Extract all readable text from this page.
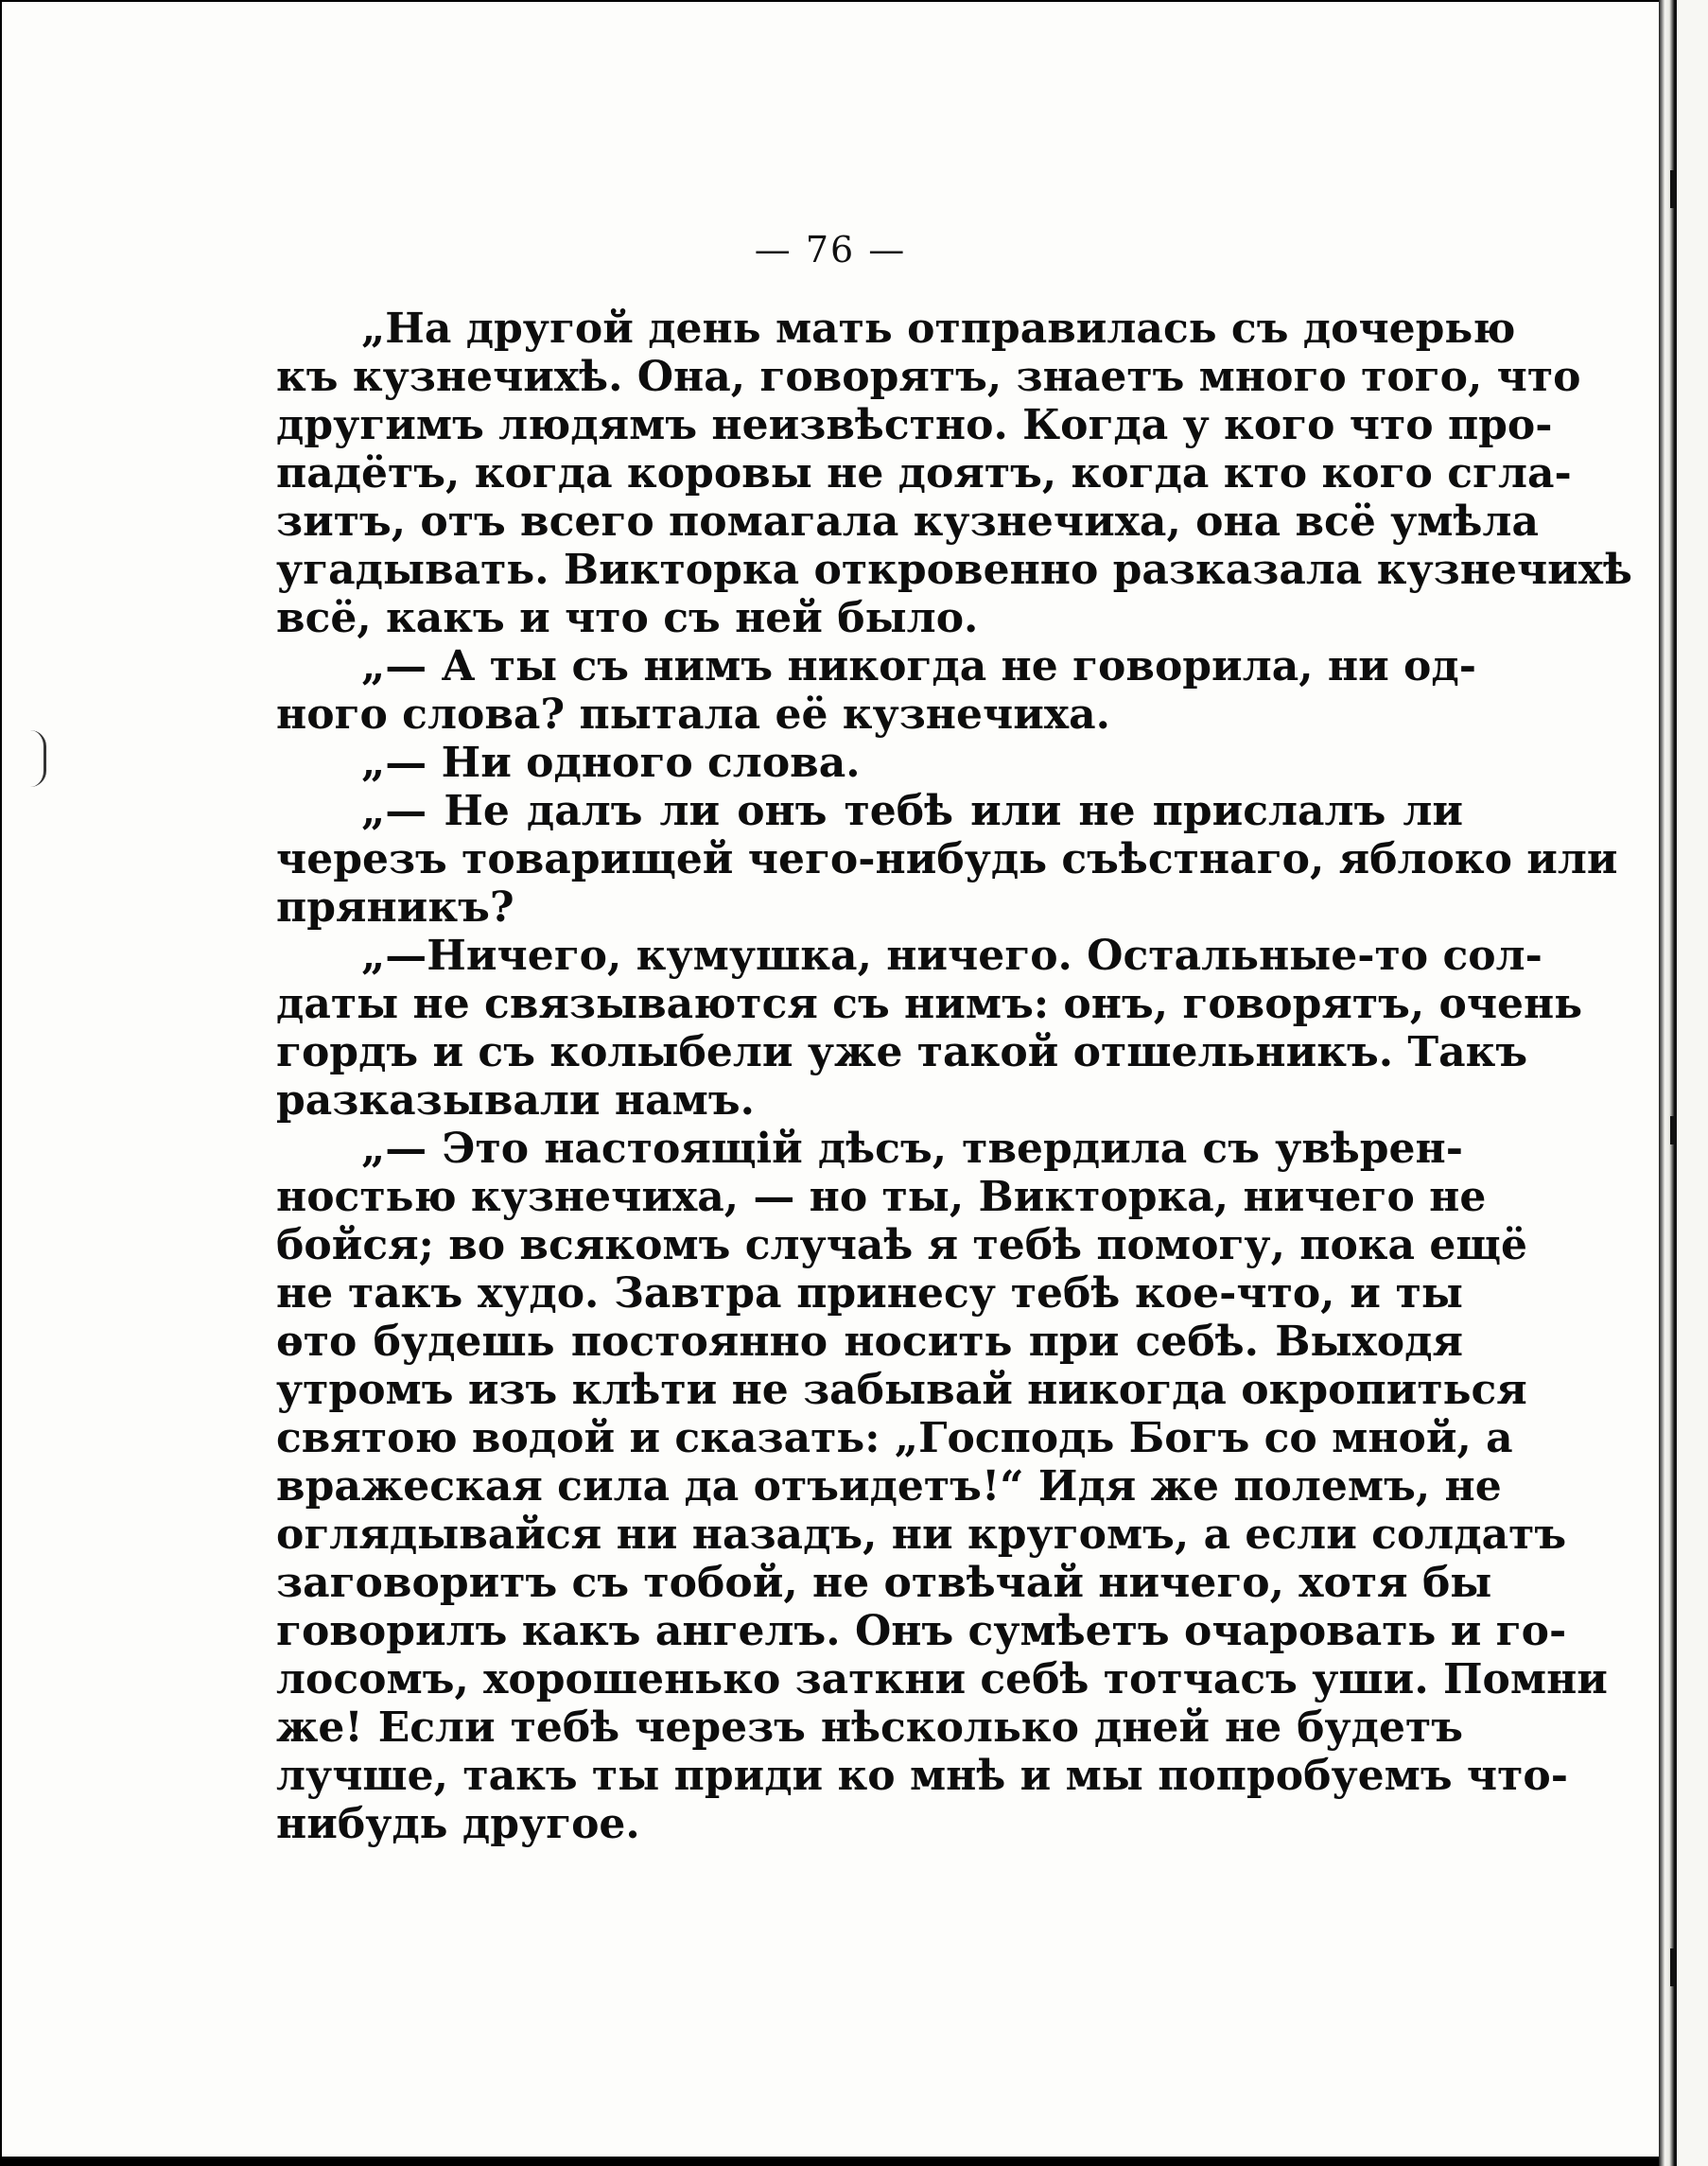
— 76 —
„На другой день мать отправилась съ дочерью
къ кузнечихѣ. Она, говорятъ, знаетъ много того, что
другимъ людямъ неизвѣстно. Когда у кого что про-
падётъ, когда коровы не доятъ, когда кто кого сгла-
зитъ, отъ всего помагала кузнечиха, она всё умѣла
угадывать. Викторка откровенно разказала кузнечихѣ
всё, какъ и что съ ней было.
„— А ты съ нимъ никогда не говорила, ни од-
ного слова? пытала её кузнечиха.
„— Ни одного слова.
„— Не далъ ли онъ тебѣ или не прислалъ ли
черезъ товарищей чего-нибудь съѣстнаго, яблоко или
пряникъ?
„—Ничего, кумушка, ничего. Остальные-то сол-
даты не связываются съ нимъ: онъ, говорятъ, очень
гордъ и съ колыбели уже такой отшельникъ. Такъ
разказывали намъ.
„— Это настоящій дѣсъ, твердила съ увѣрен-
ностью кузнечиха, — но ты, Викторка, ничего не
бойся; во всякомъ случаѣ я тебѣ помогу, пока ещё
не такъ худо. Завтра принесу тебѣ кое-что, и ты
ѳто будешь постоянно носить при себѣ. Выходя
утромъ изъ клѣти не забывай никогда окропиться
святою водой и сказать: „Господь Богъ со мной, а
вражеская сила да отъидетъ!“ Идя же полемъ, не
оглядывайся ни назадъ, ни кругомъ, а если солдатъ
заговоритъ съ тобой, не отвѣчай ничего, хотя бы
говорилъ какъ ангелъ. Онъ сумѣетъ очаровать и го-
лосомъ, хорошенько заткни себѣ тотчасъ уши. Помни
же! Если тебѣ черезъ нѣсколько дней не будетъ
лучше, такъ ты приди ко мнѣ и мы попробуемъ что-
нибудь другое.
